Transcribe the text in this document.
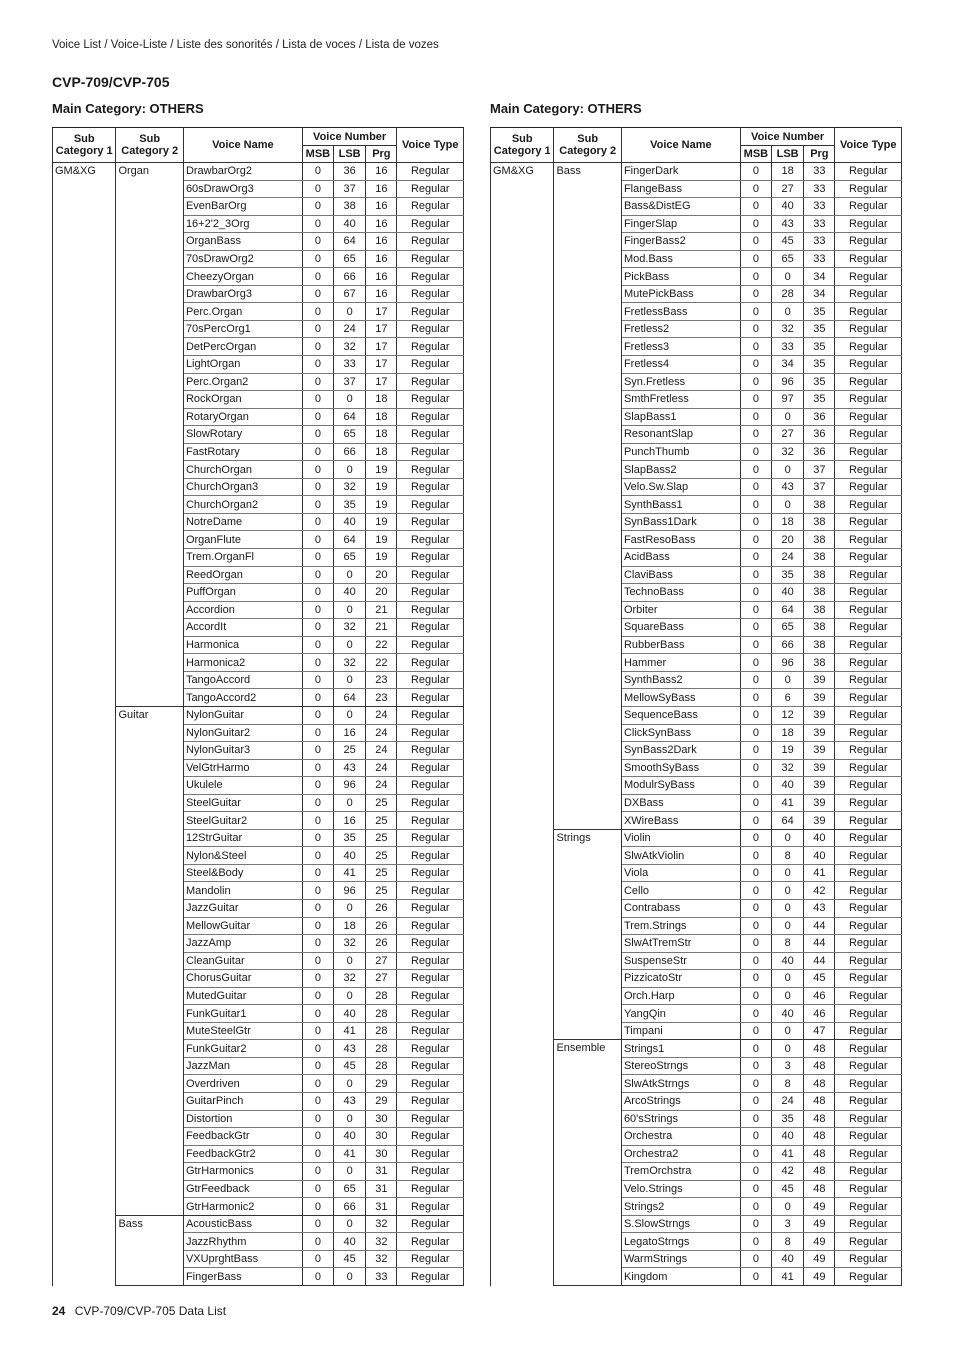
Voice List / Voice-Liste / Liste des sonorités / Lista de voces / Lista de vozes
CVP-709/CVP-705
Main Category: OTHERS	Main Category: OTHERS
Sub
Category 1	Sub
Category 2	Voice Name	Voice Number			Voice Type
			MSB	LSB	Prg	
GM&XG	Organ	DrawbarOrg2	0	36	16	Regular
		60sDrawOrg3	0	37	16	Regular
		EvenBarOrg	0	38	16	Regular
		16+2'2_3Org	0	40	16	Regular
		OrganBass	0	64	16	Regular
		70sDrawOrg2	0	65	16	Regular
		CheezyOrgan	0	66	16	Regular
		DrawbarOrg3	0	67	16	Regular
		Perc.Organ	0	0	17	Regular
		70sPercOrg1	0	24	17	Regular
		DetPercOrgan	0	32	17	Regular
		LightOrgan	0	33	17	Regular
		Perc.Organ2	0	37	17	Regular
		RockOrgan	0	0	18	Regular
		RotaryOrgan	0	64	18	Regular
		SlowRotary	0	65	18	Regular
		FastRotary	0	66	18	Regular
		ChurchOrgan	0	0	19	Regular
		ChurchOrgan3	0	32	19	Regular
		ChurchOrgan2	0	35	19	Regular
		NotreDame	0	40	19	Regular
		OrganFlute	0	64	19	Regular
		Trem.OrganFl	0	65	19	Regular
		ReedOrgan	0	0	20	Regular
		PuffOrgan	0	40	20	Regular
		Accordion	0	0	21	Regular
		AccordIt	0	32	21	Regular
		Harmonica	0	0	22	Regular
		Harmonica2	0	32	22	Regular
		TangoAccord	0	0	23	Regular
		TangoAccord2	0	64	23	Regular
	Guitar	NylonGuitar	0	0	24	Regular
		NylonGuitar2	0	16	24	Regular
		NylonGuitar3	0	25	24	Regular
		VelGtrHarmo	0	43	24	Regular
		Ukulele	0	96	24	Regular
		SteelGuitar	0	0	25	Regular
		SteelGuitar2	0	16	25	Regular
		12StrGuitar	0	35	25	Regular
		Nylon&Steel	0	40	25	Regular
		Steel&Body	0	41	25	Regular
		Mandolin	0	96	25	Regular
		JazzGuitar	0	0	26	Regular
		MellowGuitar	0	18	26	Regular
		JazzAmp	0	32	26	Regular
		CleanGuitar	0	0	27	Regular
		ChorusGuitar	0	32	27	Regular
		MutedGuitar	0	0	28	Regular
		FunkGuitar1	0	40	28	Regular
		MuteSteelGtr	0	41	28	Regular
		FunkGuitar2	0	43	28	Regular
		JazzMan	0	45	28	Regular
		Overdriven	0	0	29	Regular
		GuitarPinch	0	43	29	Regular
		Distortion	0	0	30	Regular
		FeedbackGtr	0	40	30	Regular
		FeedbackGtr2	0	41	30	Regular
		GtrHarmonics	0	0	31	Regular
		GtrFeedback	0	65	31	Regular
		GtrHarmonic2	0	66	31	Regular
	Bass	AcousticBass	0	0	32	Regular
		JazzRhythm	0	40	32	Regular
		VXUprghtBass	0	45	32	Regular
		FingerBass	0	0	33	Regular
Sub
Category 1	Sub
Category 2	Voice Name	Voice Number			Voice Type
			MSB	LSB	Prg	
GM&XG	Bass	FingerDark	0	18	33	Regular
		FlangeBass	0	27	33	Regular
		Bass&DistEG	0	40	33	Regular
		FingerSlap	0	43	33	Regular
		FingerBass2	0	45	33	Regular
		Mod.Bass	0	65	33	Regular
		PickBass	0	0	34	Regular
		MutePickBass	0	28	34	Regular
		FretlessBass	0	0	35	Regular
		Fretless2	0	32	35	Regular
		Fretless3	0	33	35	Regular
		Fretless4	0	34	35	Regular
		Syn.Fretless	0	96	35	Regular
		SmthFretless	0	97	35	Regular
		SlapBass1	0	0	36	Regular
		ResonantSlap	0	27	36	Regular
		PunchThumb	0	32	36	Regular
		SlapBass2	0	0	37	Regular
		Velo.Sw.Slap	0	43	37	Regular
		SynthBass1	0	0	38	Regular
		SynBass1Dark	0	18	38	Regular
		FastResoBass	0	20	38	Regular
		AcidBass	0	24	38	Regular
		ClaviBass	0	35	38	Regular
		TechnoBass	0	40	38	Regular
		Orbiter	0	64	38	Regular
		SquareBass	0	65	38	Regular
		RubberBass	0	66	38	Regular
		Hammer	0	96	38	Regular
		SynthBass2	0	0	39	Regular
		MellowSyBass	0	6	39	Regular
		SequenceBass	0	12	39	Regular
		ClickSynBass	0	18	39	Regular
		SynBass2Dark	0	19	39	Regular
		SmoothSyBass	0	32	39	Regular
		ModulrSyBass	0	40	39	Regular
		DXBass	0	41	39	Regular
		XWireBass	0	64	39	Regular
	Strings	Violin	0	0	40	Regular
		SlwAtkViolin	0	8	40	Regular
		Viola	0	0	41	Regular
		Cello	0	0	42	Regular
		Contrabass	0	0	43	Regular
		Trem.Strings	0	0	44	Regular
		SlwAtTremStr	0	8	44	Regular
		SuspenseStr	0	40	44	Regular
		PizzicatoStr	0	0	45	Regular
		Orch.Harp	0	0	46	Regular
		YangQin	0	40	46	Regular
		Timpani	0	0	47	Regular
	Ensemble	Strings1	0	0	48	Regular
		StereoStrngs	0	3	48	Regular
		SlwAtkStrngs	0	8	48	Regular
		ArcoStrings	0	24	48	Regular
		60'sStrings	0	35	48	Regular
		Orchestra	0	40	48	Regular
		Orchestra2	0	41	48	Regular
		TremOrchstra	0	42	48	Regular
		Velo.Strings	0	45	48	Regular
		Strings2	0	0	49	Regular
		S.SlowStrngs	0	3	49	Regular
		LegatoStrngs	0	8	49	Regular
		WarmStrings	0	40	49	Regular
		Kingdom	0	41	49	Regular
24 CVP-709/CVP-705 Data List
